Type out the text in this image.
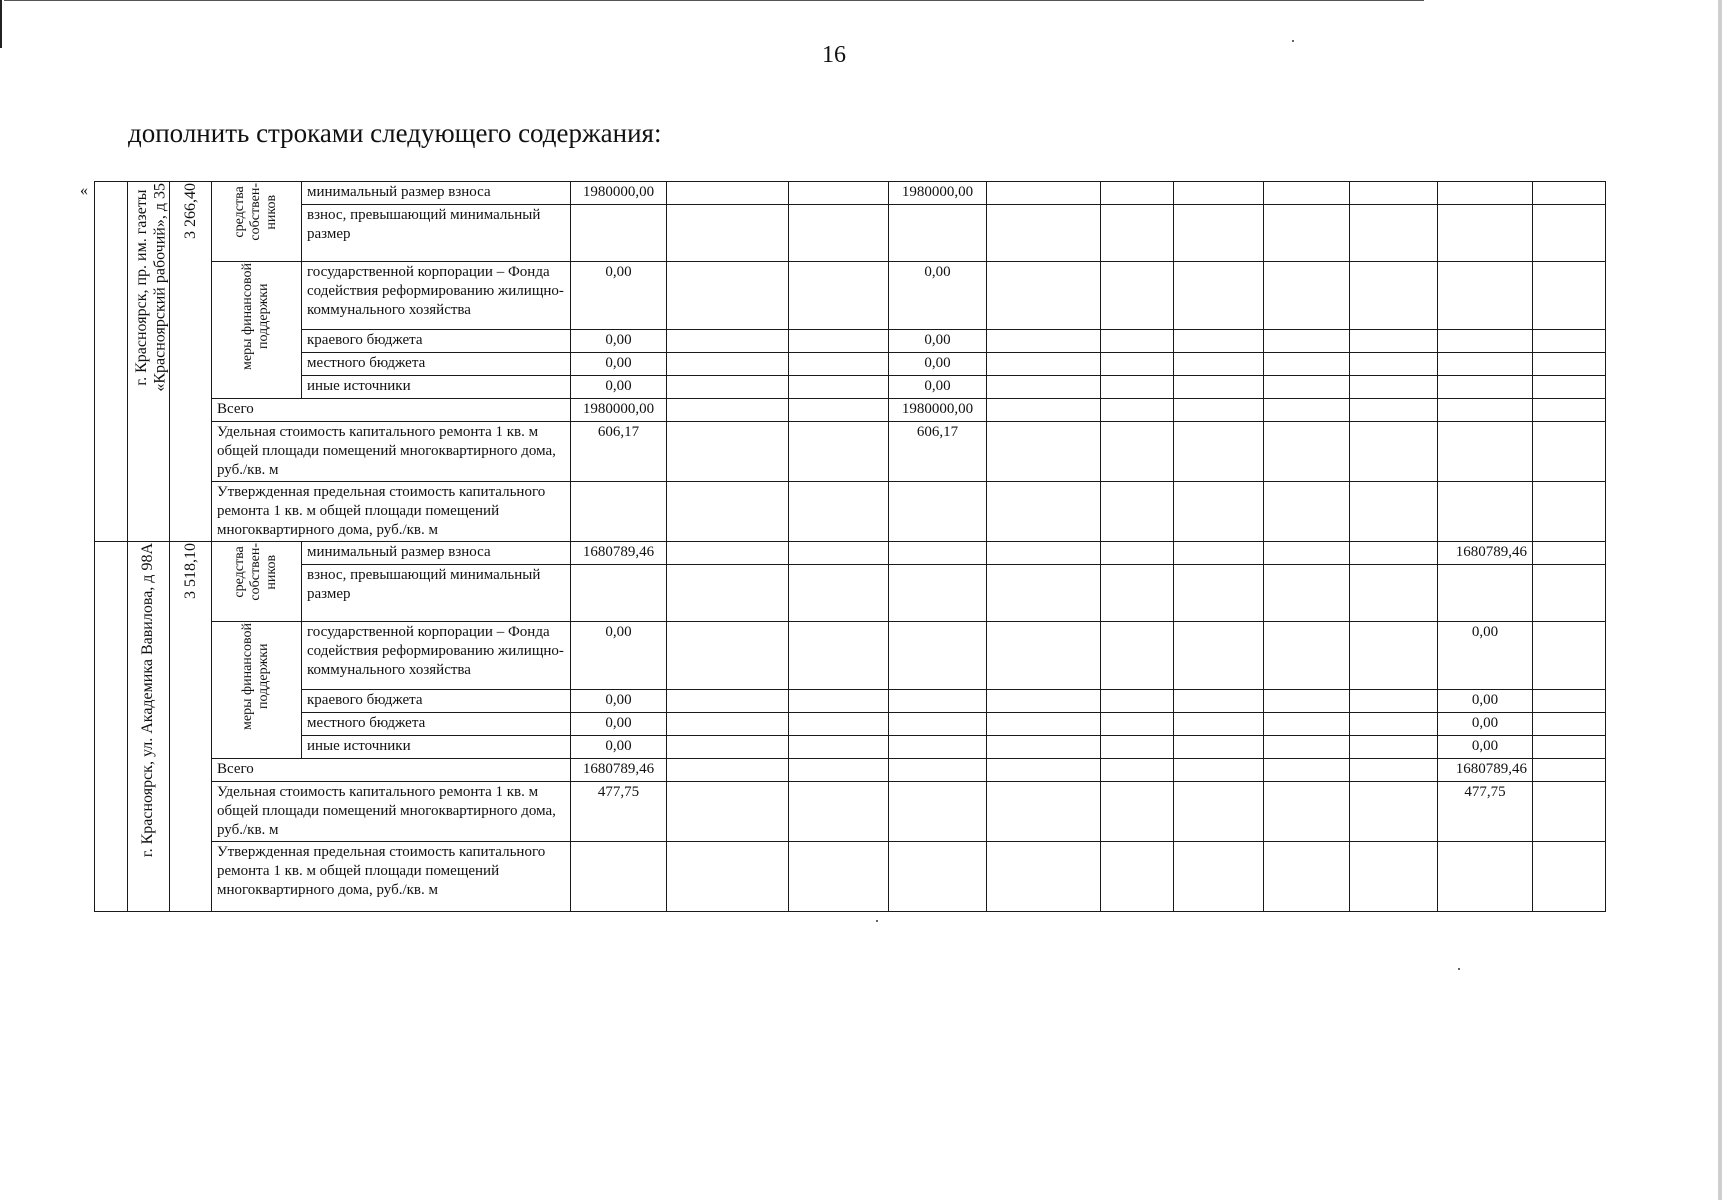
16
дополнить строками следующего содержания:
«

	г. Красноярск, пр. им. газеты
«Красноярский рабочий», д 35	3 266,40	средства
собствен-
ников	минимальный размер взноса	1980000,00			1980000,00							
				взнос, превышающий минимальный размер											

			меры финансовой
поддержки	государственной корпорации – Фонда содействия реформированию жилищно-коммунального хозяйства	0,00			0,00							
				краевого бюджета	0,00			0,00							
				местного бюджета	0,00			0,00							
				иные источники	0,00			0,00							
			Всего		1980000,00			1980000,00							
			Удельная стоимость капитального ремонта 1 кв. м общей площади помещений многоквартирного дома, руб./кв. м		606,17			606,17							
			Утвержденная предельная стоимость капитального ремонта 1 кв. м общей площади помещений многоквартирного дома, руб./кв. м												

	г. Красноярск, ул. Академика Вавилова, д 98А	3 518,10	средства
собствен-
ников	минимальный размер взноса	1680789,46									1680789,46	
				взнос, превышающий минимальный размер											

			меры финансовой
поддержки	государственной корпорации – Фонда содействия реформированию жилищно-коммунального хозяйства	0,00									0,00	
				краевого бюджета	0,00									0,00	
				местного бюджета	0,00									0,00	
				иные источники	0,00									0,00	
			Всего		1680789,46									1680789,46	
			Удельная стоимость капитального ремонта 1 кв. м общей площади помещений многоквартирного дома, руб./кв. м		477,75									477,75	
			Утвержденная предельная стоимость капитального ремонта 1 кв. м общей площади помещений многоквартирного дома, руб./кв. м												
